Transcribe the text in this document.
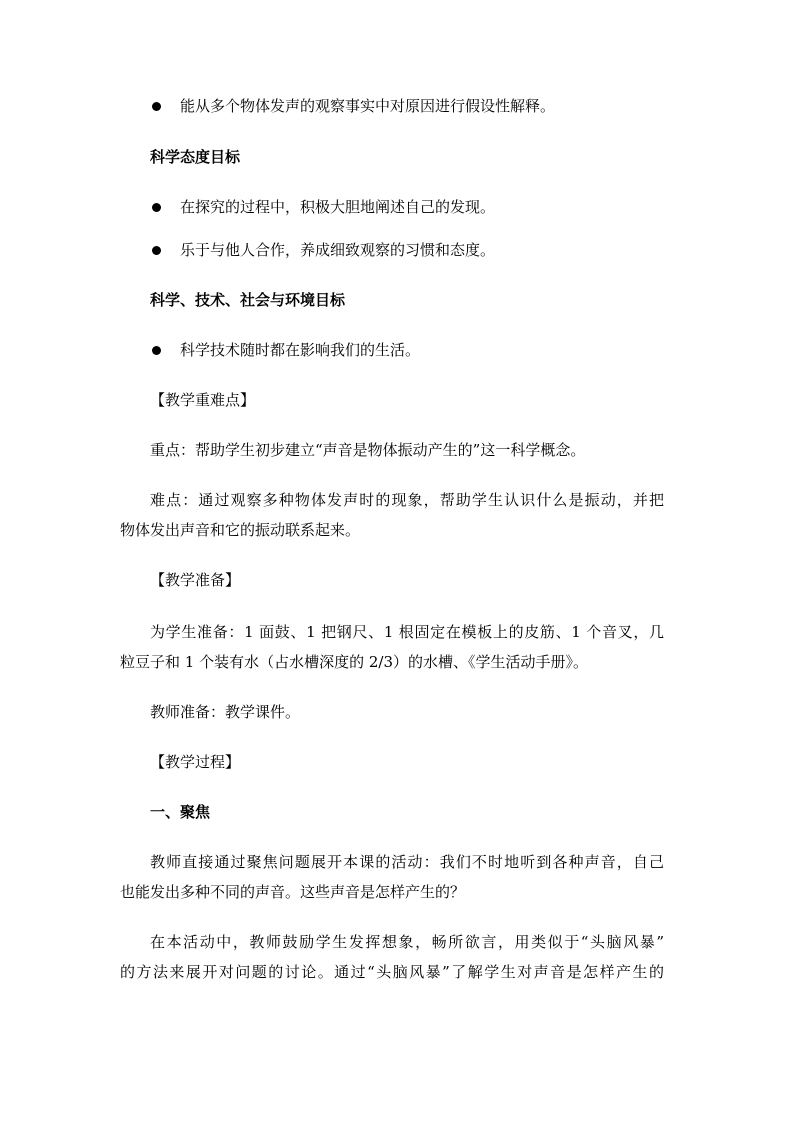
能从多个物体发声的观察事实中对原因进行假设性解释。
科学态度目标
在探究的过程中，积极大胆地阐述自己的发现。
乐于与他人合作，养成细致观察的习惯和态度。
科学、技术、社会与环境目标
科学技术随时都在影响我们的生活。
【教学重难点】
重点：帮助学生初步建立“声音是物体振动产生的”这一科学概念。
难点：通过观察多种物体发声时的现象，帮助学生认识什么是振动，并把
物体发出声音和它的振动联系起来。
【教学准备】
为学生准备：1 面鼓、1 把钢尺、1 根固定在模板上的皮筋、1 个音叉，几
粒豆子和 1 个装有水（占水槽深度的 2/3）的水槽、《学生活动手册》。
教师准备：教学课件。
【教学过程】
一、聚焦
教师直接通过聚焦问题展开本课的活动：我们不时地听到各种声音，自己
也能发出多种不同的声音。这些声音是怎样产生的？
在本活动中，教师鼓励学生发挥想象，畅所欲言，用类似于“头脑风暴”
的方法来展开对问题的讨论。通过“头脑风暴”了解学生对声音是怎样产生的
